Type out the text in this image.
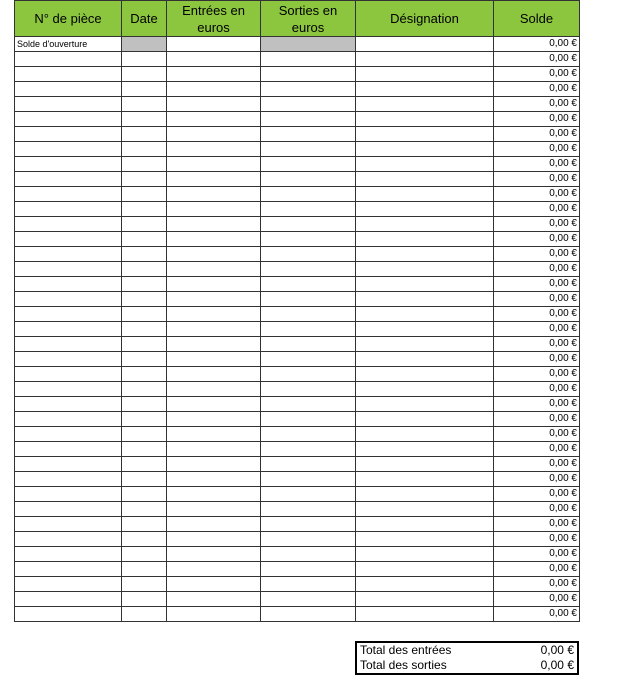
N° de pièce	Date	Entrées en euros	Sorties en euros	Désignation	Solde
Solde d'ouverture					0,00 €
					0,00 €
					0,00 €
					0,00 €
					0,00 €
					0,00 €
					0,00 €
					0,00 €
					0,00 €
					0,00 €
					0,00 €
					0,00 €
					0,00 €
					0,00 €
					0,00 €
					0,00 €
					0,00 €
					0,00 €
					0,00 €
					0,00 €
					0,00 €
					0,00 €
					0,00 €
					0,00 €
					0,00 €
					0,00 €
					0,00 €
					0,00 €
					0,00 €
					0,00 €
					0,00 €
					0,00 €
					0,00 €
					0,00 €
					0,00 €
					0,00 €
					0,00 €
					0,00 €
					0,00 €
Total des entrées	0,00 €
Total des sorties	0,00 €
